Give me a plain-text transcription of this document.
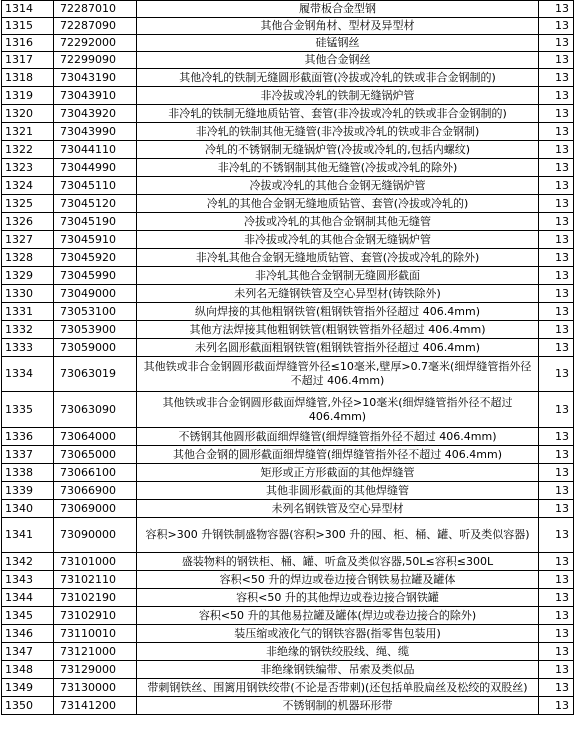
1314	72287010	履带板合金型钢	13
1315	72287090	其他合金钢角材、型材及异型材	13
1316	72292000	硅锰钢丝	13
1317	72299090	其他合金钢丝	13
1318	73043190	其他冷轧的铁制无缝圆形截面管(冷拔或冷轧的铁或非合金钢制的)	13
1319	73043910	非冷拔或冷轧的铁制无缝锅炉管	13
1320	73043920	非冷轧的铁制无缝地质钻管、套管(非冷拔或冷轧的铁或非合金钢制的)	13
1321	73043990	非冷轧的铁制其他无缝管(非冷拔或冷轧的铁或非合金钢制)	13
1322	73044110	冷轧的不锈钢制无缝锅炉管(冷拔或冷轧的,包括内螺纹)	13
1323	73044990	非冷轧的不锈钢制其他无缝管(冷拔或冷轧的除外)	13
1324	73045110	冷拔或冷轧的其他合金钢无缝锅炉管	13
1325	73045120	冷轧的其他合金钢无缝地质钻管、套管(冷拔或冷轧的)	13
1326	73045190	冷拔或冷轧的其他合金钢制其他无缝管	13
1327	73045910	非冷拔或冷轧的其他合金钢无缝锅炉管	13
1328	73045920	非冷轧其他合金钢无缝地质钻管、套管(冷拔或冷轧的除外)	13
1329	73045990	非冷轧其他合金钢制无缝圆形截面	13
1330	73049000	未列名无缝钢铁管及空心异型材(铸铁除外)	13
1331	73053100	纵向焊接的其他粗钢铁管(粗钢铁管指外径超过 406.4mm)	13
1332	73053900	其他方法焊接其他粗钢铁管(粗钢铁管指外径超过 406.4mm)	13
1333	73059000	未列名圆形截面粗钢铁管(粗钢铁管指外径超过 406.4mm)	13
1334	73063019	其他铁或非合金钢圆形截面焊缝管外径≤10毫米,壁厚>0.7毫米(细焊缝管指外径不超过 406.4mm)	13
1335	73063090	其他铁或非合金钢圆形截面焊缝管,外径>10毫米(细焊缝管指外径不超过 406.4mm)	13
1336	73064000	不锈钢其他圆形截面细焊缝管(细焊缝管指外径不超过 406.4mm)	13
1337	73065000	其他合金钢的圆形截面细焊缝管(细焊缝管指外径不超过 406.4mm)	13
1338	73066100	矩形或正方形截面的其他焊缝管	13
1339	73066900	其他非圆形截面的其他焊缝管	13
1340	73069000	未列名钢铁管及空心异型材	13
1341	73090000	容积>300 升钢铁制盛物容器(容积>300 升的囤、柜、桶、罐、听及类似容器)	13
1342	73101000	盛装物料的钢铁柜、桶、罐、听盒及类似容器,50L≤容积≤300L	13
1343	73102110	容积<50 升的焊边或卷边接合钢铁易拉罐及罐体	13
1344	73102190	容积<50 升的其他焊边或卷边接合钢铁罐	13
1345	73102910	容积<50 升的其他易拉罐及罐体(焊边或卷边接合的除外)	13
1346	73110010	装压缩或液化气的钢铁容器(指零售包装用)	13
1347	73121000	非绝缘的钢铁绞股线、绳、缆	13
1348	73129000	非绝缘钢铁编带、吊索及类似品	13
1349	73130000	带刺钢铁丝、围篱用钢铁绞带(不论是否带刺)(还包括单股扁丝及松绞的双股丝)	13
1350	73141200	不锈钢制的机器环形带	13
